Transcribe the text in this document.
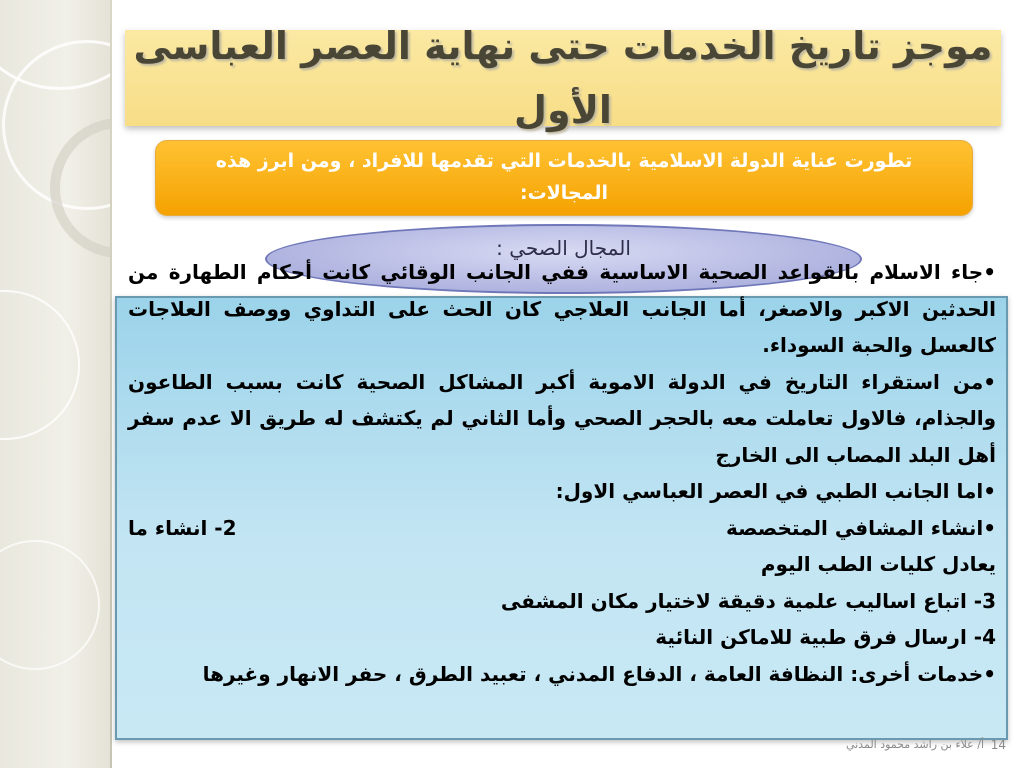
موجز تاريخ الخدمات حتى نهاية العصر العباسى الأول

تطورت عناية الدولة الاسلامية بالخدمات التي تقدمها للافراد ، ومن ابرز هذه المجالات:

المجال الصحي :

•جاء الاسلام بالقواعد الصحية الاساسية ففي الجانب الوقائي كانت أحكام الطهارة من الحدثين الاكبر والاصغر، أما الجانب العلاجي كان الحث على التداوي ووصف العلاجات كالعسل والحبة السوداء.

•من استقراء التاريخ في الدولة الاموية أكبر المشاكل الصحية كانت بسبب الطاعون والجذام، فالاول تعاملت معه بالحجر الصحي وأما الثاني لم يكتشف له طريق الا عدم سفر أهل البلد المصاب الى الخارج

•اما الجانب الطبي في العصر العباسي الاول:

•انشاء المشافي المتخصصة
2- انشاء ما

يعادل كليات الطب اليوم

3- اتباع اساليب علمية دقيقة لاختيار مكان المشفى

4- ارسال فرق طبية للاماكن النائية

•خدمات أخرى: النظافة العامة ، الدفاع المدني ، تعبيد الطرق ، حفر الانهار وغيرها

أ/ علاء بن راشد محمود المدني 14
